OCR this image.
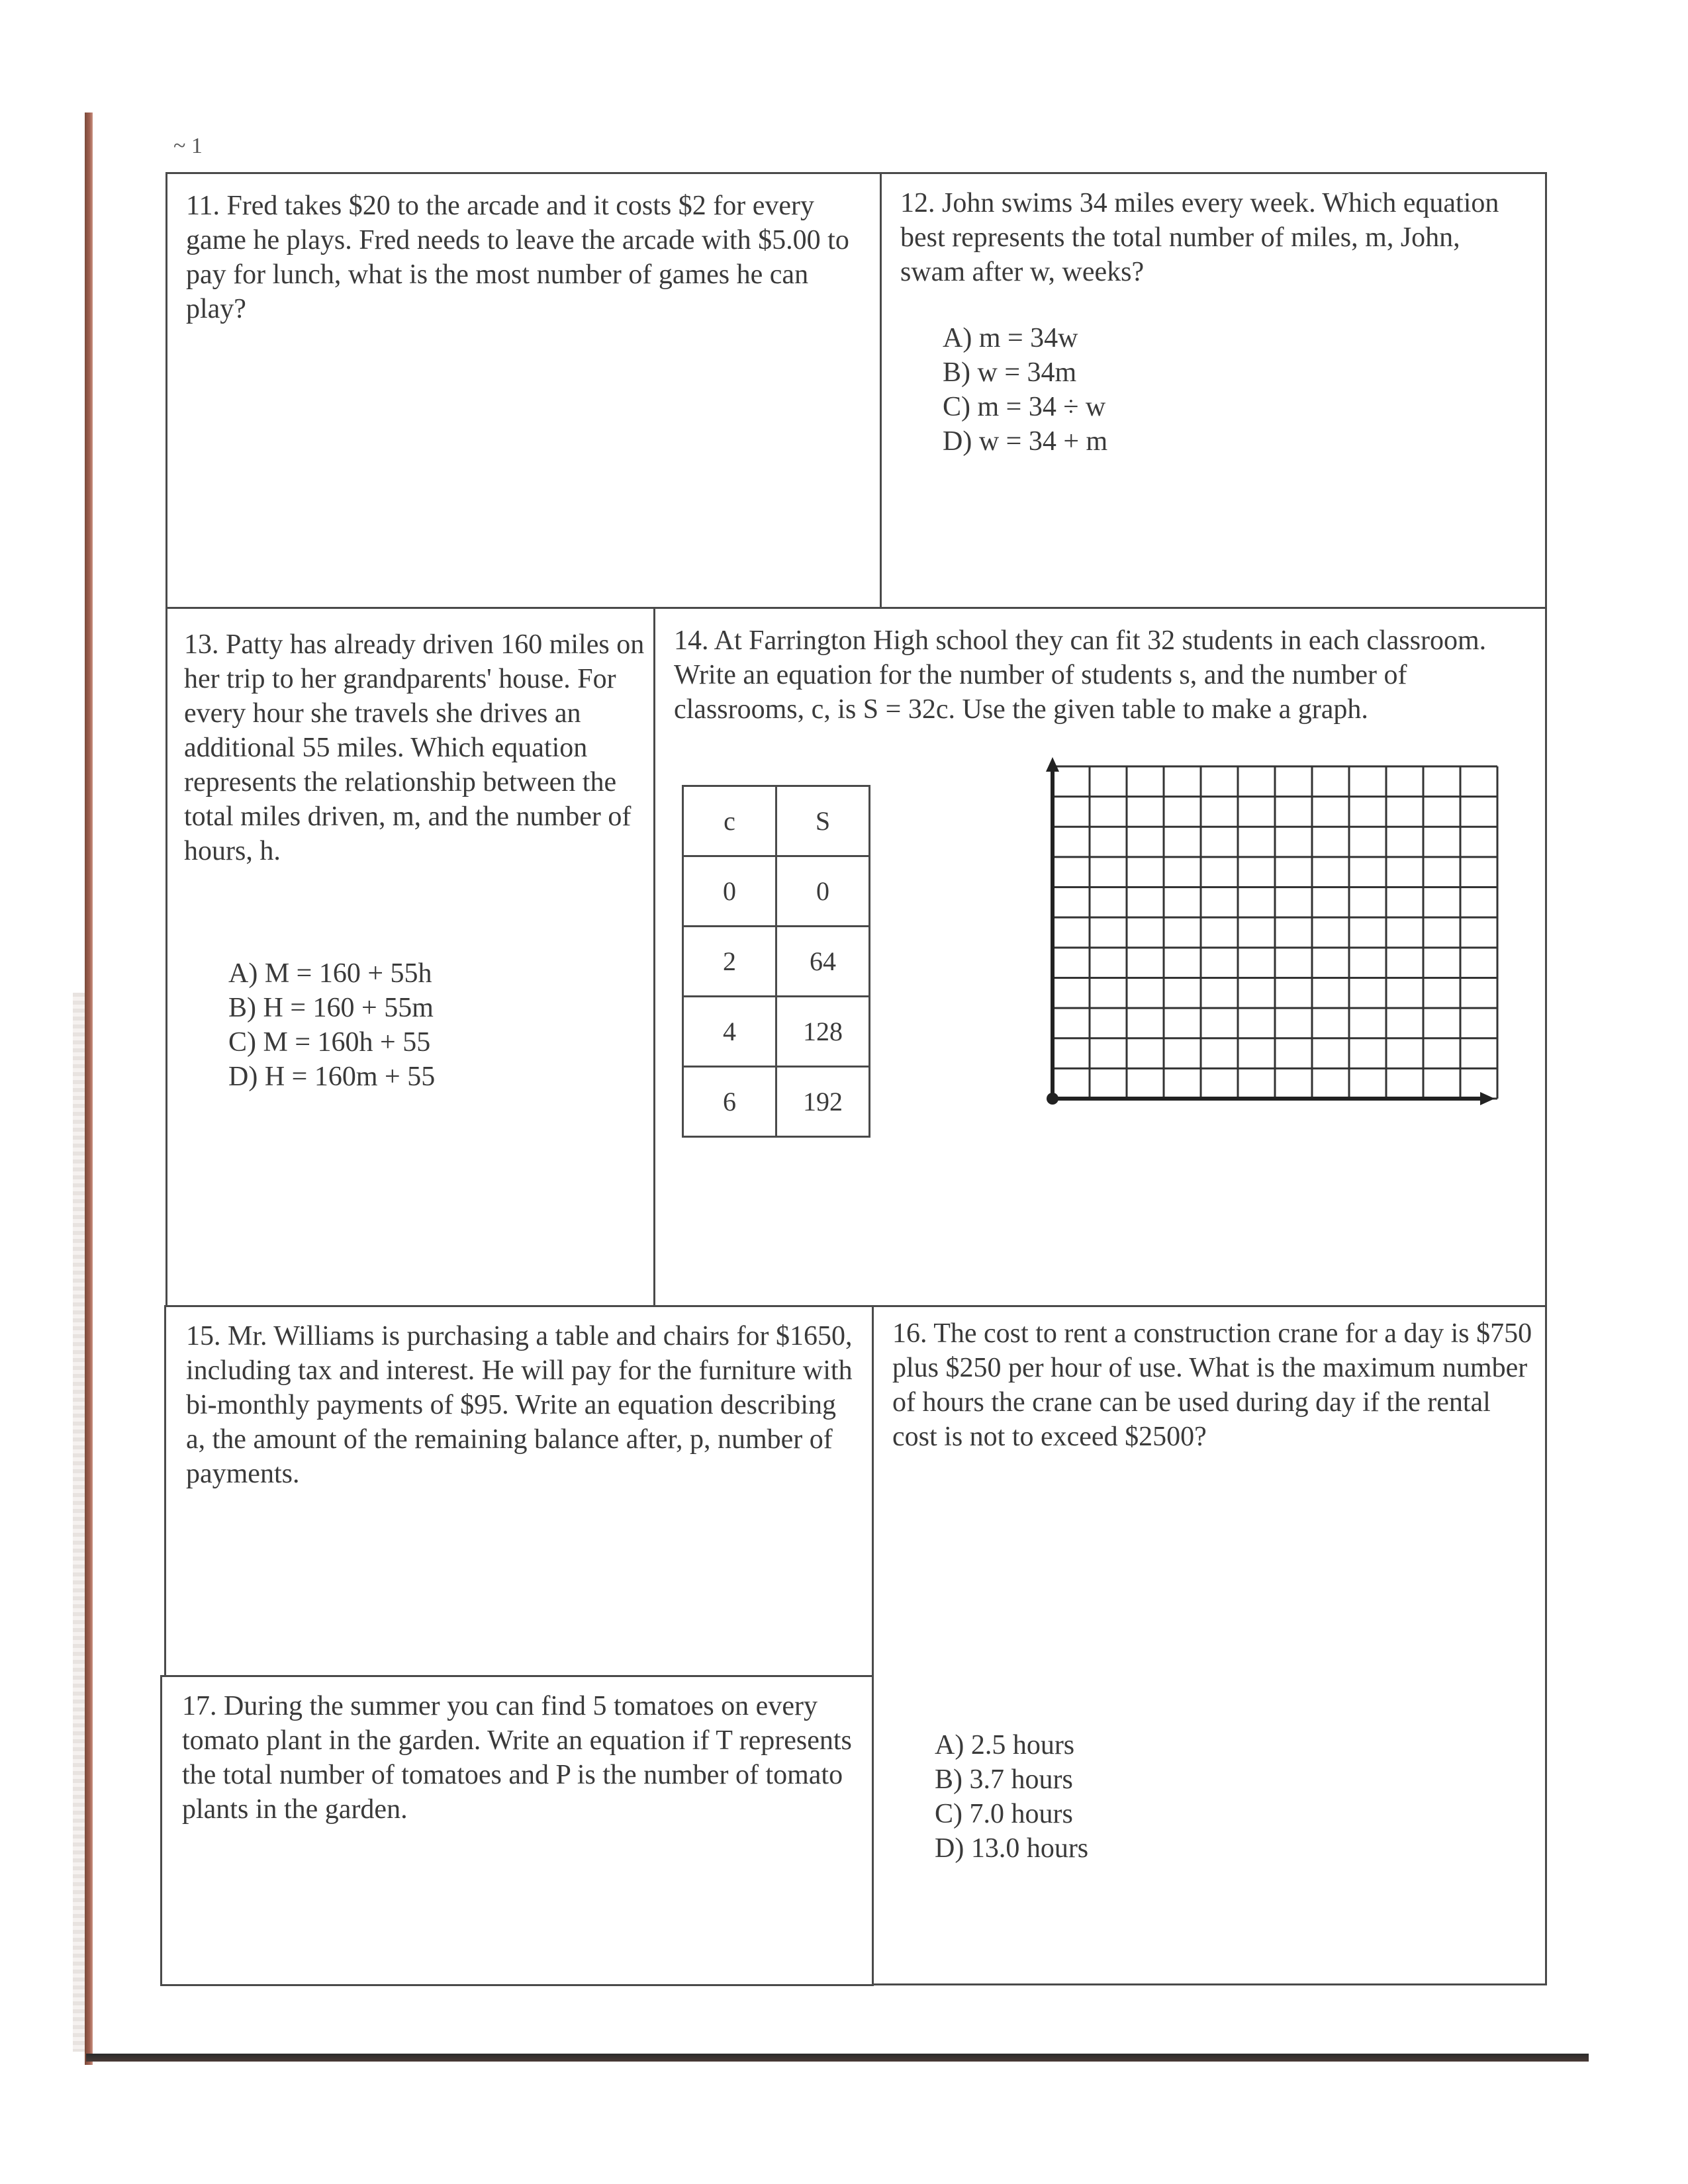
~ 1

11. Fred takes $20 to the arcade and it costs $2 for every game he plays. Fred needs to leave the arcade with $5.00 to pay for lunch, what is the most number of games he can play?

12. John swims 34 miles every week. Which equation best represents the total number of miles, m, John, swam after w, weeks?

A) m = 34w
B) w = 34m
C) m = 34 ÷ w
D) w = 34 + m

13. Patty has already driven 160 miles on her trip to her grandparents' house. For every hour she travels she drives an additional 55 miles. Which equation represents the relationship between the total miles driven, m, and the number of hours, h.

A) M = 160 + 55h
B) H = 160 + 55m
C) M = 160h + 55
D) H = 160m + 55

14. At Farrington High school they can fit 32 students in each classroom. Write an equation for the number of students s, and the number of classrooms, c, is S = 32c. Use the given table to make a graph.

c	S
0	0
2	64
4	128
6	192

15. Mr. Williams is purchasing a table and chairs for $1650, including tax and interest. He will pay for the furniture with bi-monthly payments of $95. Write an equation describing a, the amount of the remaining balance after, p, number of payments.

16. The cost to rent a construction crane for a day is $750 plus $250 per hour of use. What is the maximum number of hours the crane can be used during day if the rental cost is not to exceed $2500?

A) 2.5 hours
B) 3.7 hours
C) 7.0 hours
D) 13.0 hours

17. During the summer you can find 5 tomatoes on every tomato plant in the garden. Write an equation if T represents the total number of tomatoes and P is the number of tomato plants in the garden.
